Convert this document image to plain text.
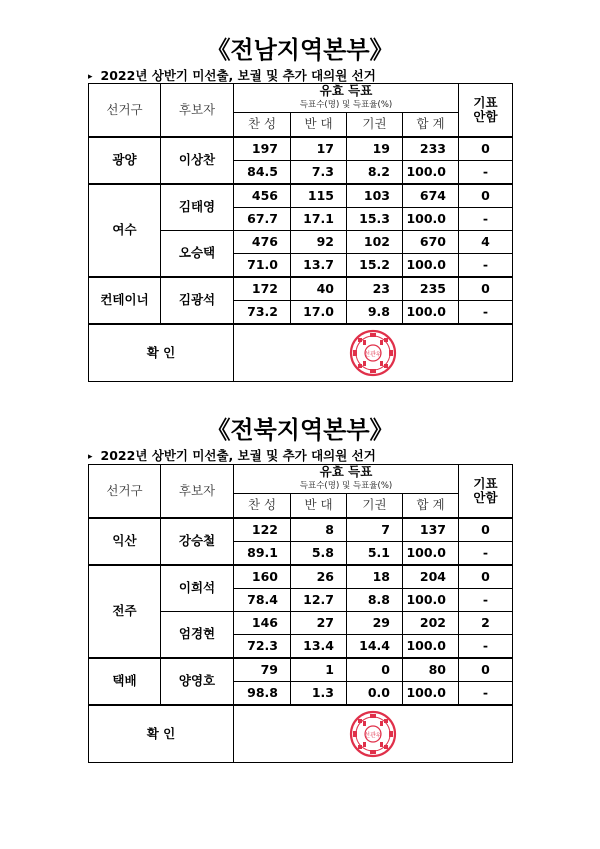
《전남지역본부》
▸ 2022년 상반기 미선출, 보궐 및 추가 대의원 선거
선거구	후보자	유효 득표
득표수(명) 및 득표율(%)				기표
안함
		찬 성	반 대	기권	합 계	
광양	이상찬	197	17	19	233	0
		84.5	7.3	8.2	100.0	-
여수	김태영	456	115	103	674	0
		67.7	17.1	15.3	100.0	-
	오승택	476	92	102	670	4
		71.0	13.7	15.2	100.0	-
컨테이너	김광석	172	40	23	235	0
		73.2	17.0	9.8	100.0	-
확 인		선관위				
《전북지역본부》
▸ 2022년 상반기 미선출, 보궐 및 추가 대의원 선거
선거구	후보자	유효 득표
득표수(명) 및 득표율(%)				기표
안함
		찬 성	반 대	기권	합 계	
익산	강승철	122	8	7	137	0
		89.1	5.8	5.1	100.0	-
전주	이희석	160	26	18	204	0
		78.4	12.7	8.8	100.0	-
	엄경현	146	27	29	202	2
		72.3	13.4	14.4	100.0	-
택배	양영호	79	1	0	80	0
		98.8	1.3	0.0	100.0	-
확 인		선관위				
